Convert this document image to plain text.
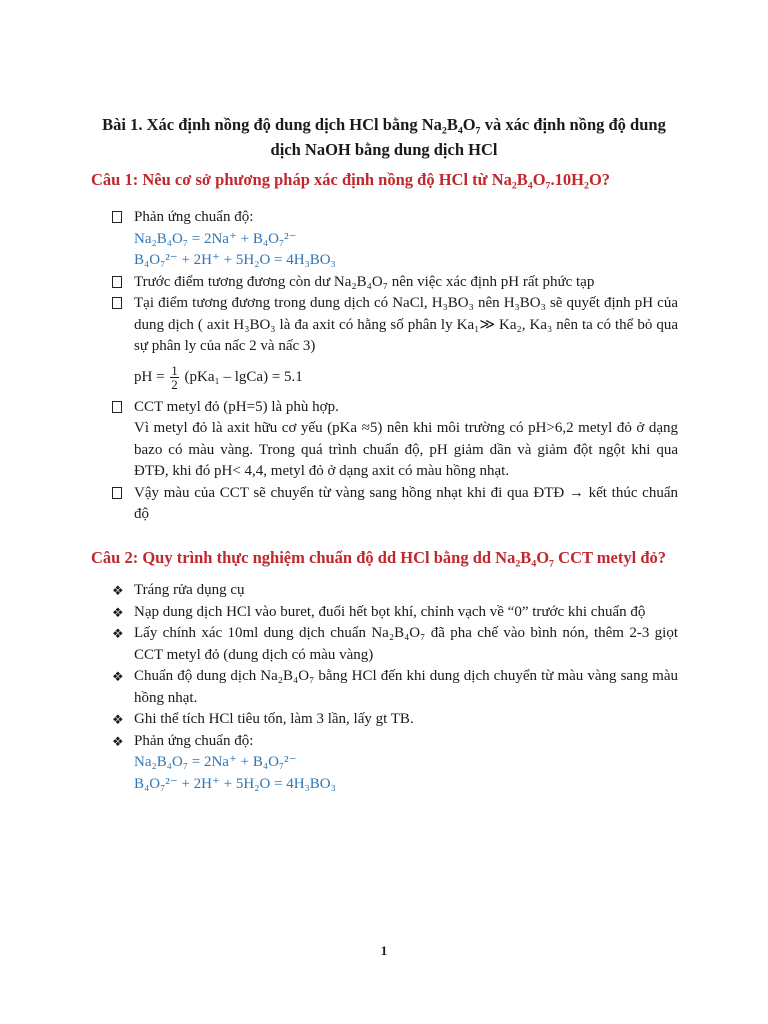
Bài 1. Xác định nồng độ dung dịch HCl bằng Na₂B₄O₇ và xác định nồng độ dung
dịch NaOH bằng dung dịch HCl
Câu 1: Nêu cơ sở phương pháp xác định nồng độ HCl từ Na₂B₄O₇.10H₂O?
Phản ứng chuẩn độ:
Na₂B₄O₇ = 2Na⁺ + B₄O₇²⁻
B₄O₇²⁻ + 2H⁺ + 5H₂O = 4H₃BO₃
Trước điểm tương đương còn dư Na₂B₄O₇ nên việc xác định pH rất phức tạp
Tại điểm tương đương trong dung dịch có NaCl, H₃BO₃ nên H₃BO₃ sẽ quyết định pH của dung dịch ( axit H₃BO₃ là đa axit có hằng số phân ly Ka₁≫ Ka₂, Ka₃ nên ta có thể bỏ qua sự phân ly của nấc 2 và nấc 3)
pH = $\frac{1}{2} (pKa_1$ – lgCa) = 5.1
CCT metyl đỏ (pH=5) là phù hợp.
Vì metyl đỏ là axit hữu cơ yếu (pKa ≈5) nên khi môi trường có pH>6,2 metyl đỏ ở dạng bazo có màu vàng. Trong quá trình chuẩn độ, pH giảm dần và giảm đột ngột khi qua ĐTĐ, khi đó pH< 4,4, metyl đỏ ở dạng axit có màu hồng nhạt.
Vậy màu của CCT sẽ chuyển từ vàng sang hồng nhạt khi đi qua ĐTĐ → kết thúc chuẩn độ
Câu 2: Quy trình thực nghiệm chuẩn độ dd HCl bằng dd Na₂B₄O₇ CCT metyl đỏ?
❖ Tráng rửa dụng cụ
❖ Nạp dung dịch HCl vào buret, đuổi hết bọt khí, chỉnh vạch về “0” trước khi chuẩn độ
❖ Lấy chính xác 10ml dung dịch chuẩn Na₂B₄O₇ đã pha chế vào bình nón, thêm 2-3 giọt CCT metyl đỏ (dung dịch có màu vàng)
❖ Chuẩn độ dung dịch Na₂B₄O₇ bằng HCl đến khi dung dịch chuyển từ màu vàng sang màu hồng nhạt.
❖ Ghi thể tích HCl tiêu tốn, làm 3 lần, lấy gt TB.
❖ Phản ứng chuẩn độ:
Na₂B₄O₇ = 2Na⁺ + B₄O₇²⁻
B₄O₇²⁻ + 2H⁺ + 5H₂O = 4H₃BO₃
1
